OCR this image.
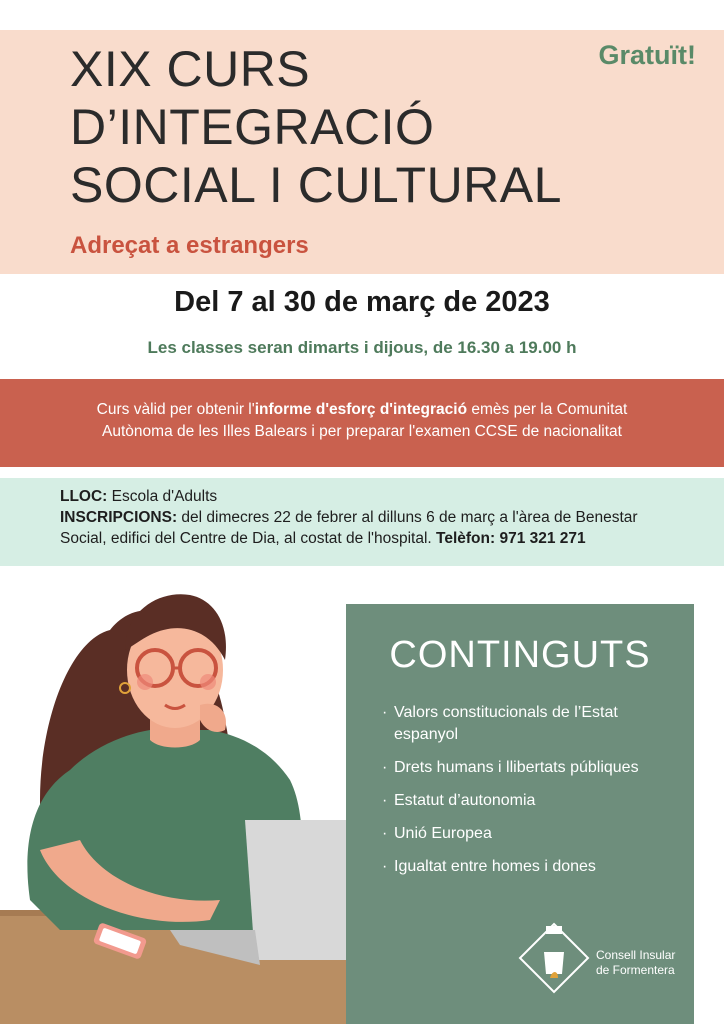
XIX CURS
D’INTEGRACIÓ
SOCIAL I CULTURAL
Gratuït!
Adreçat a estrangers
Del 7 al 30 de març de 2023
Les classes seran dimarts i dijous, de 16.30 a 19.00 h
Curs vàlid per obtenir l'informe d'esforç d'integració emès per la Comunitat
Autònoma de les Illes Balears i per preparar l'examen CCSE de nacionalitat
LLOC: Escola d'Adults
INSCRIPCIONS: del dimecres 22 de febrer al dilluns 6 de març a l'àrea de Benestar Social, edifici del Centre de Dia, al costat de l'hospital. Telèfon: 971 321 271
CONTINGUTS
· Valors constitucionals de l’Estat espanyol
· Drets humans i llibertats públiques
· Estatut d’autonomia
· Unió Europea
· Igualtat entre homes i dones
Consell Insular
de Formentera
